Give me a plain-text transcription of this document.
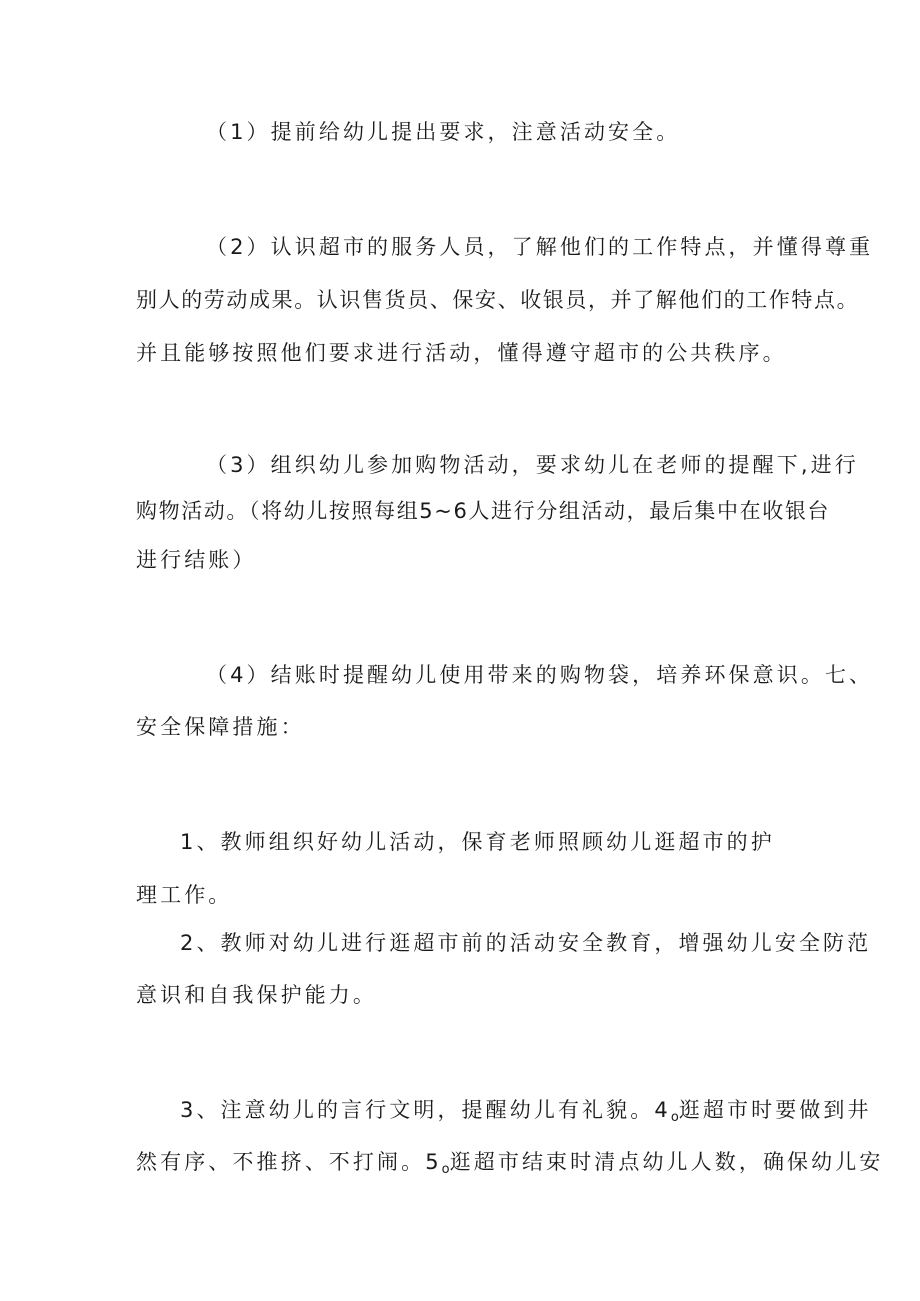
（1）提前给幼儿提出要求，注意活动安全。
（2）认识超市的服务人员，了解他们的工作特点，并懂得尊重
别人的劳动成果。认识售货员、保安、收银员，并了解他们的工作特点。
并且能够按照他们要求进行活动，懂得遵守超市的公共秩序。
（3）组织幼儿参加购物活动，要求幼儿在老师的提醒下,进行
购物活动。（将幼儿按照每组5~6人进行分组活动，最后集中在收银台
进行结账）
（4）结账时提醒幼儿使用带来的购物袋，培养环保意识。七、
安全保障措施：
1、教师组织好幼儿活动，保育老师照顾幼儿逛超市的护
理工作。
2、教师对幼儿进行逛超市前的活动安全教育，增强幼儿安全防范
意识和自我保护能力。
3、注意幼儿的言行文明，提醒幼儿有礼貌。$4_o$逛超市时要做到井
然有序、不推挤、不打闹。$5_o$逛超市结束时清点幼儿人数，确保幼儿安
